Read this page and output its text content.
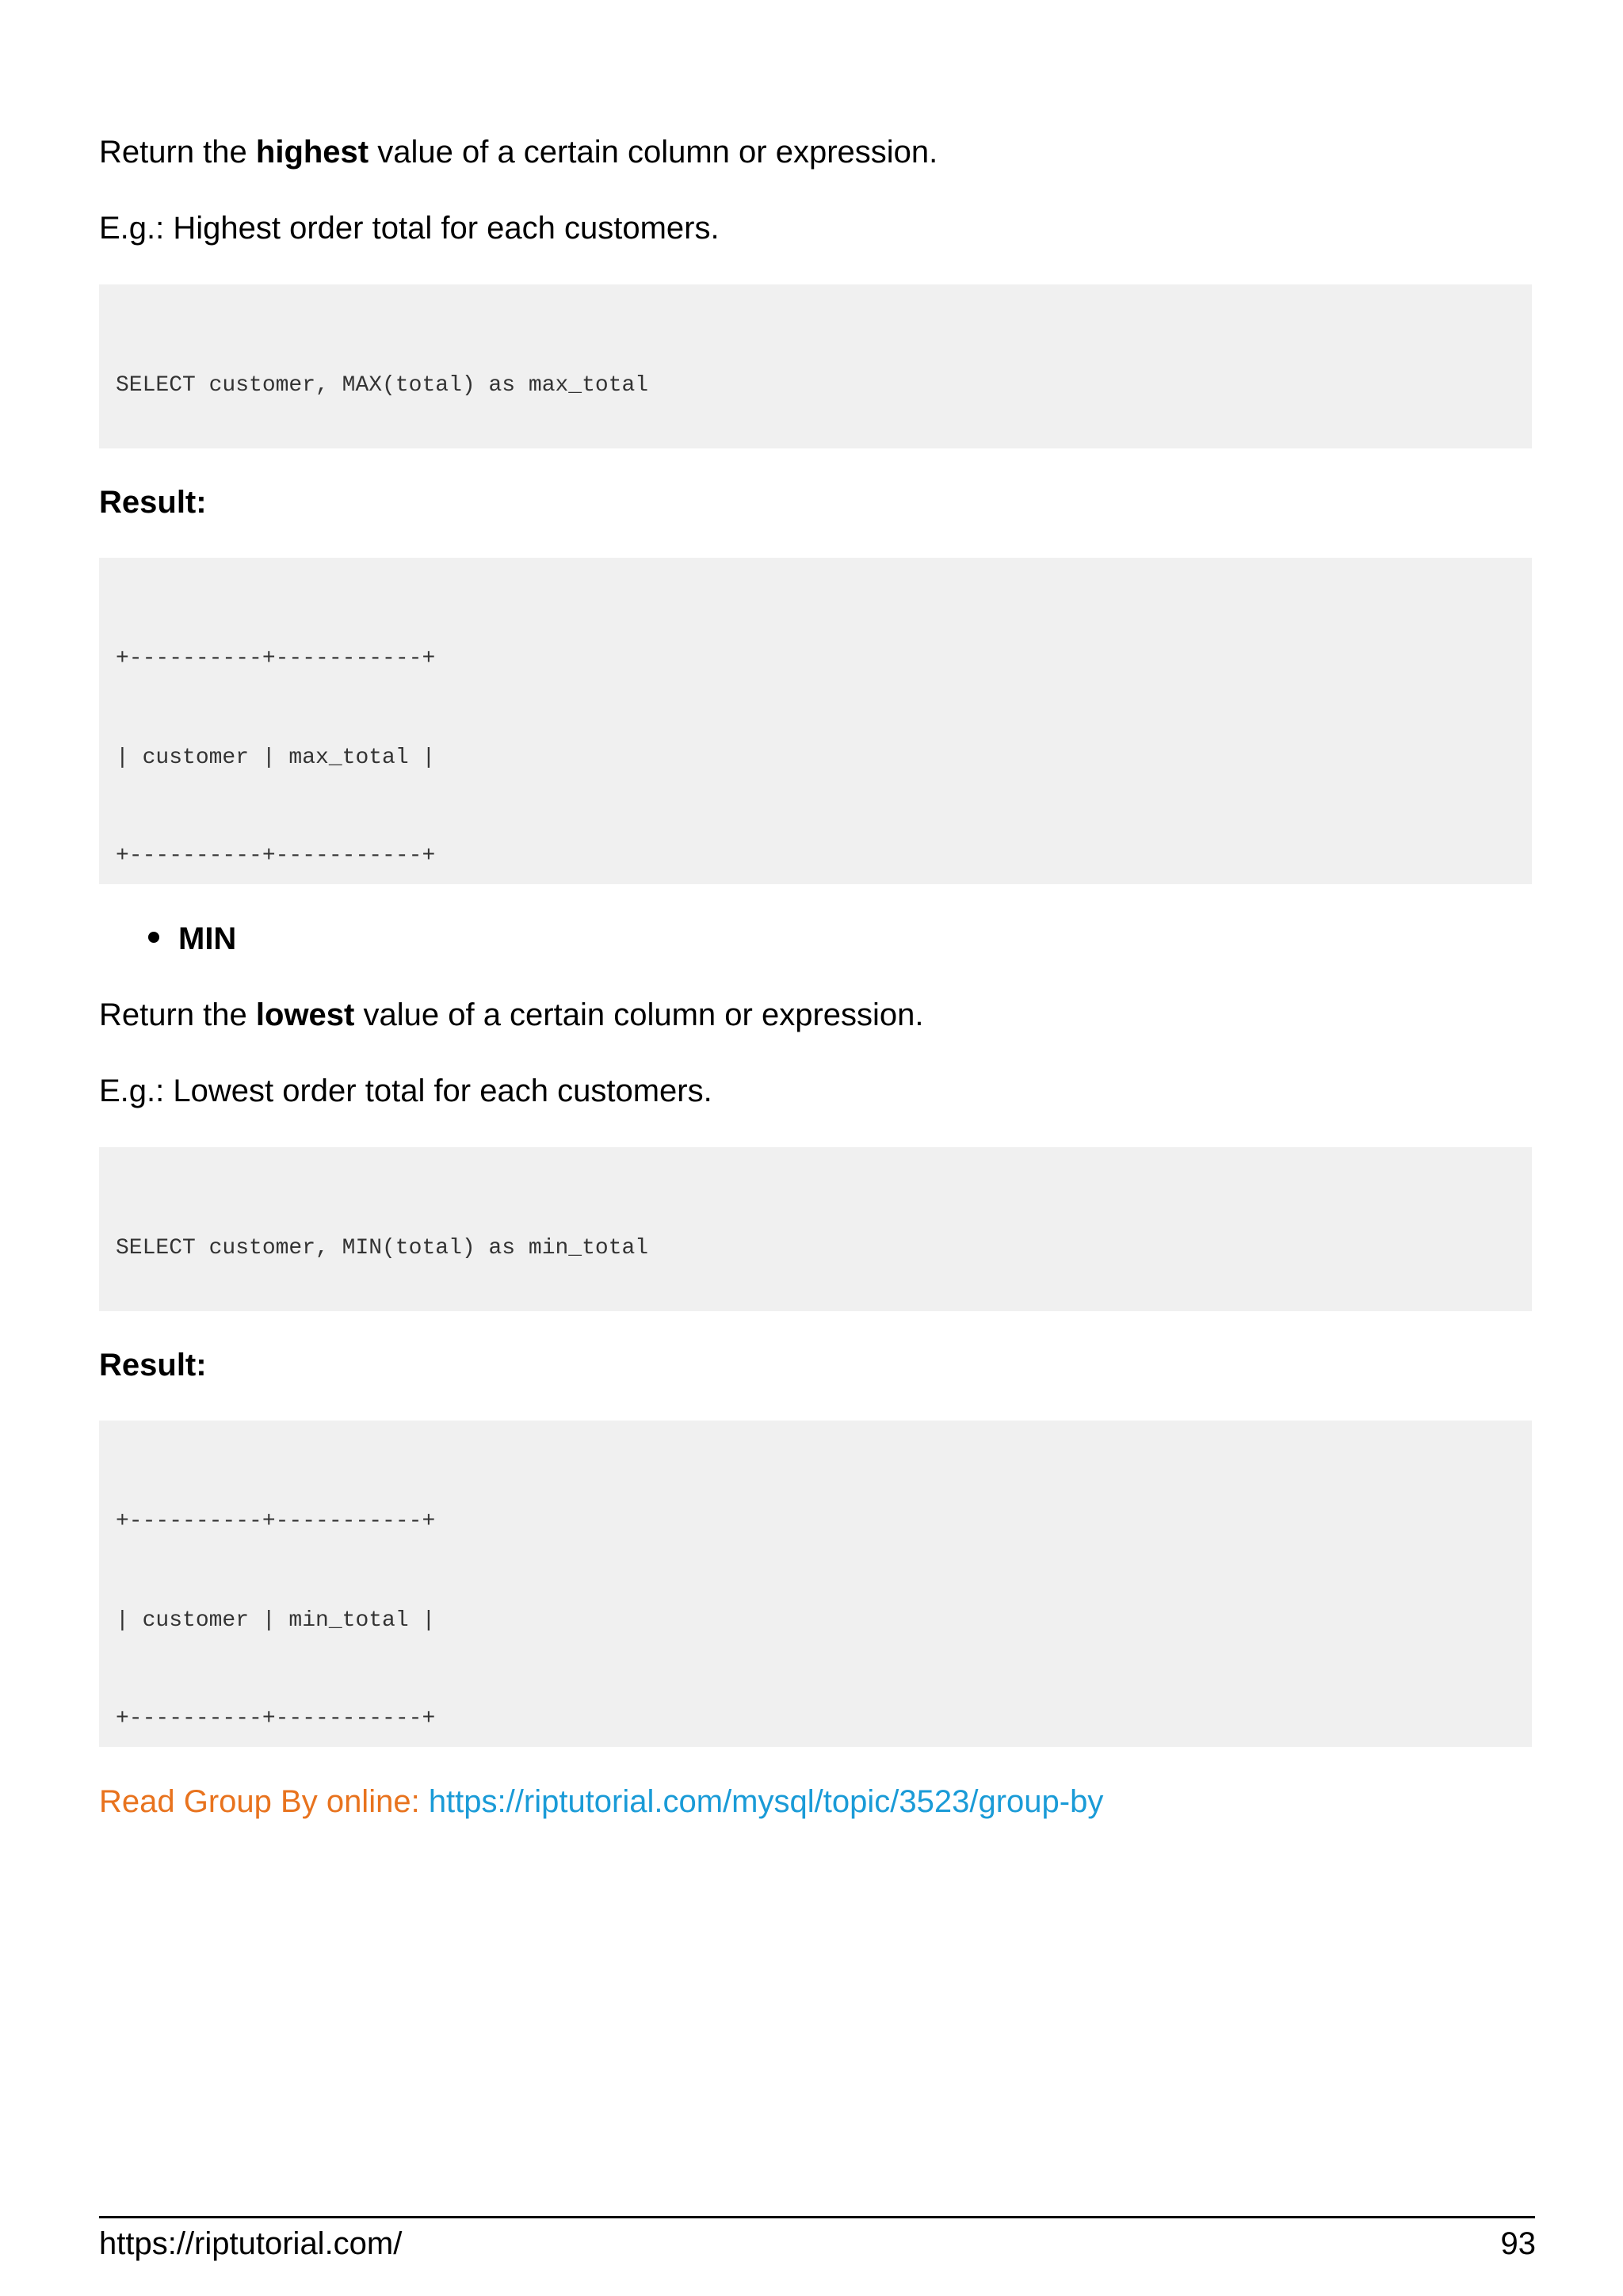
Return the highest value of a certain column or expression.

E.g.: Highest order total for each customers.

SELECT customer, MAX(total) as max_total

Result:

+----------+-----------+

| customer | max_total |

+----------+-----------+

MIN

Return the lowest value of a certain column or expression.

E.g.: Lowest order total for each customers.

SELECT customer, MIN(total) as min_total

Result:

+----------+-----------+

| customer | min_total |

+----------+-----------+

Read Group By online: https://riptutorial.com/mysql/topic/3523/group-by
https://riptutorial.com/	93
